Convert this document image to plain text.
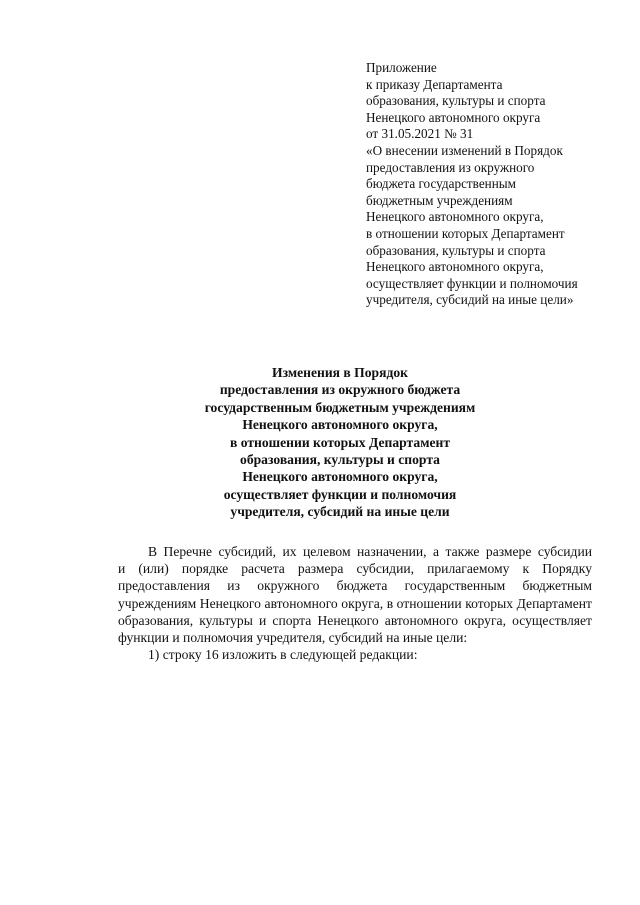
Приложение
к приказу Департамента
образования, культуры и спорта
Ненецкого автономного округа
от 31.05.2021 № 31
«О внесении изменений в Порядок
предоставления из окружного
бюджета государственным
бюджетным учреждениям
Ненецкого автономного округа,
в отношении которых Департамент
образования, культуры и спорта
Ненецкого автономного округа,
осуществляет функции и полномочия
учредителя, субсидий на иные цели»
Изменения в Порядок
предоставления из окружного бюджета
государственным бюджетным учреждениям
Ненецкого автономного округа,
в отношении которых Департамент
образования, культуры и спорта
Ненецкого автономного округа,
осуществляет функции и полномочия
учредителя, субсидий на иные цели
В Перечне субсидий, их целевом назначении, а также размере субсидии
и (или) порядке расчета размера субсидии, прилагаемому к Порядку
предоставления из окружного бюджета государственным бюджетным
учреждениям Ненецкого автономного округа, в отношении которых Департамент
образования, культуры и спорта Ненецкого автономного округа, осуществляет
функции и полномочия учредителя, субсидий на иные цели:
1) строку 16 изложить в следующей редакции:
